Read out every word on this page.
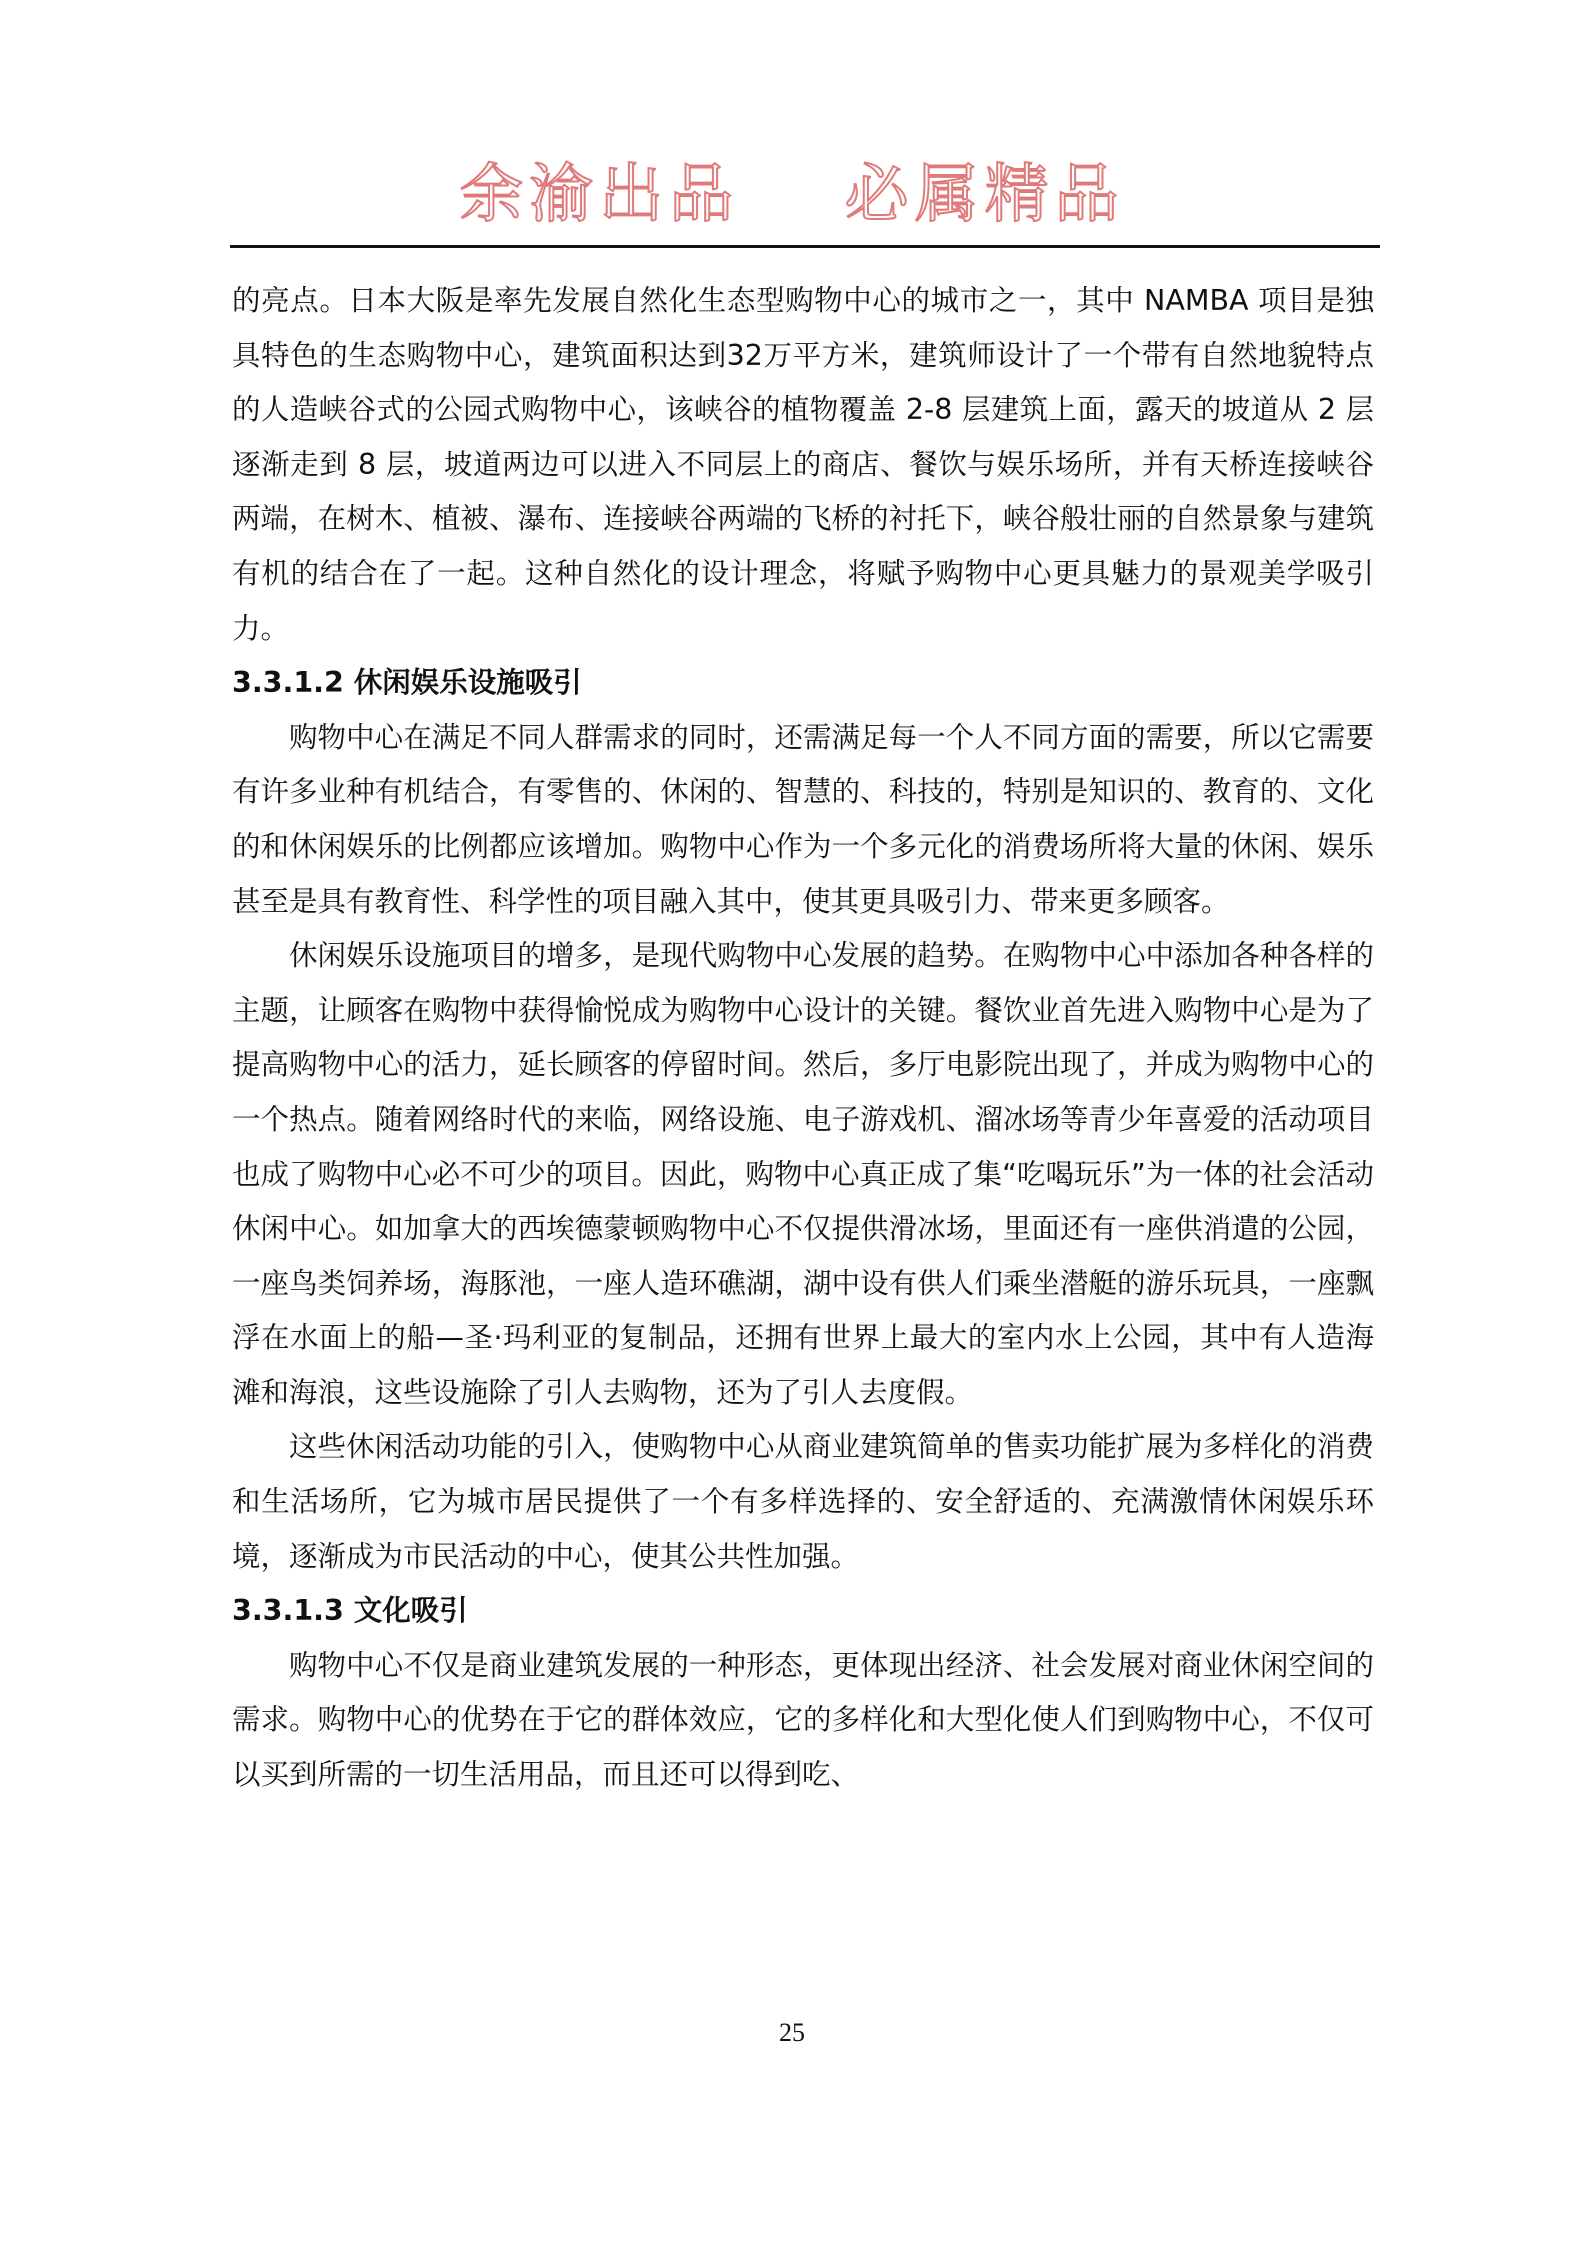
余渝出品    必属精品

的亮点。日本大阪是率先发展自然化生态型购物中心的城市之一，其中 NAMBA 项目是独具特色的生态购物中心，建筑面积达到32万平方米，建筑师设计了一个带有自然地貌特点的人造峡谷式的公园式购物中心，该峡谷的植物覆盖 2-8 层建筑上面，露天的坡道从 2 层逐渐走到 8 层，坡道两边可以进入不同层上的商店、餐饮与娱乐场所，并有天桥连接峡谷两端，在树木、植被、瀑布、连接峡谷两端的飞桥的衬托下，峡谷般壮丽的自然景象与建筑有机的结合在了一起。这种自然化的设计理念，将赋予购物中心更具魅力的景观美学吸引力。

3.3.1.2 休闲娱乐设施吸引

购物中心在满足不同人群需求的同时，还需满足每一个人不同方面的需要，所以它需要有许多业种有机结合，有零售的、休闲的、智慧的、科技的，特别是知识的、教育的、文化的和休闲娱乐的比例都应该增加。购物中心作为一个多元化的消费场所将大量的休闲、娱乐甚至是具有教育性、科学性的项目融入其中，使其更具吸引力、带来更多顾客。

休闲娱乐设施项目的增多，是现代购物中心发展的趋势。在购物中心中添加各种各样的主题，让顾客在购物中获得愉悦成为购物中心设计的关键。餐饮业首先进入购物中心是为了提高购物中心的活力，延长顾客的停留时间。然后，多厅电影院出现了，并成为购物中心的一个热点。随着网络时代的来临，网络设施、电子游戏机、溜冰场等青少年喜爱的活动项目也成了购物中心必不可少的项目。因此，购物中心真正成了集“吃喝玩乐”为一体的社会活动休闲中心。如加拿大的西埃德蒙顿购物中心不仅提供滑冰场，里面还有一座供消遣的公园，一座鸟类饲养场，海豚池，一座人造环礁湖，湖中设有供人们乘坐潜艇的游乐玩具，一座飘浮在水面上的船—圣·玛利亚的复制品，还拥有世界上最大的室内水上公园，其中有人造海滩和海浪，这些设施除了引人去购物，还为了引人去度假。

这些休闲活动功能的引入，使购物中心从商业建筑简单的售卖功能扩展为多样化的消费和生活场所，它为城市居民提供了一个有多样选择的、安全舒适的、充满激情休闲娱乐环境，逐渐成为市民活动的中心，使其公共性加强。

3.3.1.3 文化吸引

购物中心不仅是商业建筑发展的一种形态，更体现出经济、社会发展对商业休闲空间的需求。购物中心的优势在于它的群体效应，它的多样化和大型化使人们到购物中心，不仅可以买到所需的一切生活用品，而且还可以得到吃、

25
